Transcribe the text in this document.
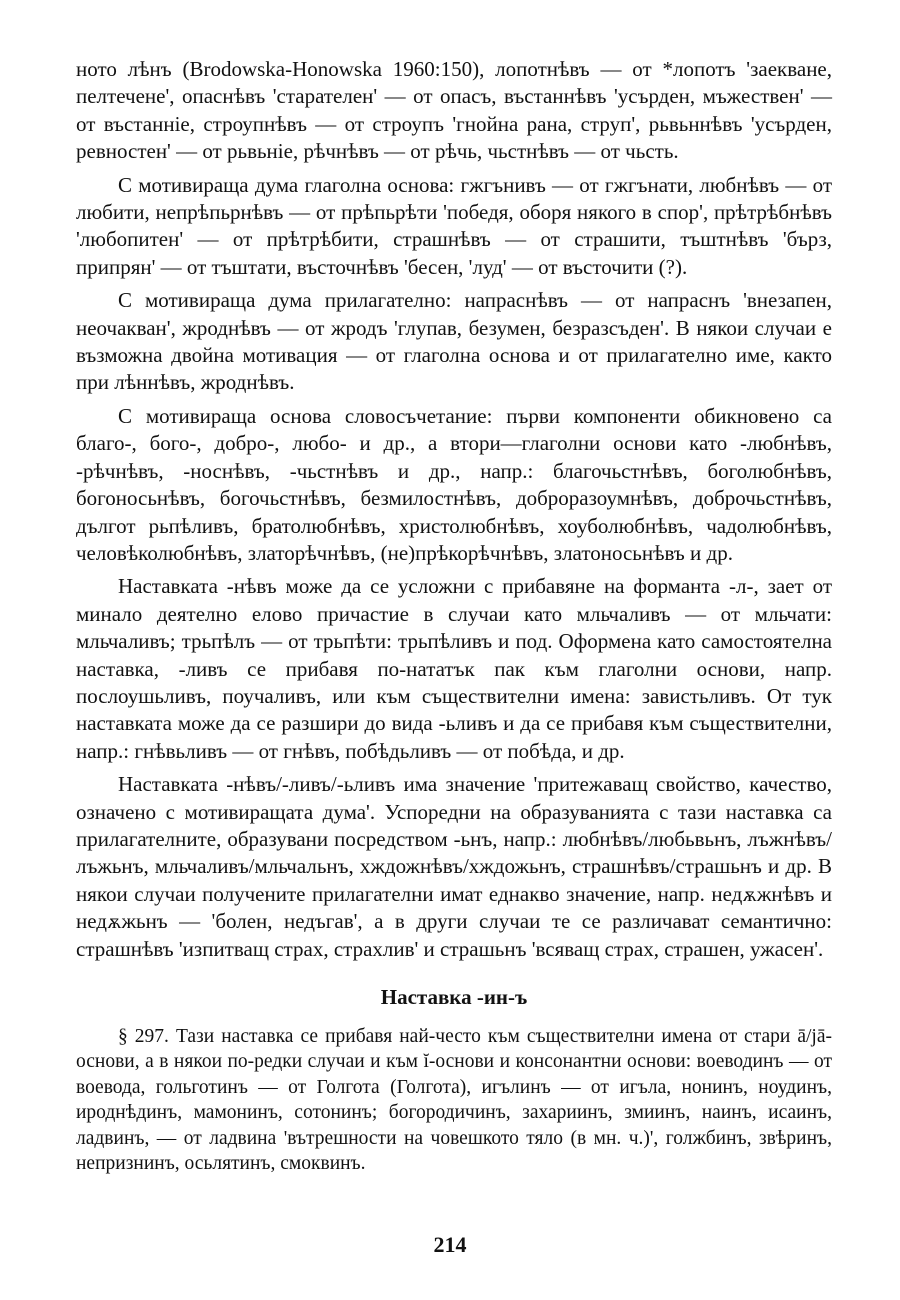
ното лѣнъ (Brodowska-Honowska 1960:150), лопотнѣвъ — от *лопотъ 'заекване, пелтечене', опаснѣвъ 'старателен' — от опасъ, въстаннѣвъ 'усърден, мъжествен' — от въстанніе, строупнѣвъ — от строупъ 'гнойна рана, струп', рьвьннѣвъ 'усърден, ревностен' — от рьвьніе, рѣчнѣвъ — от рѣчь, чьстнѣвъ — от чьсть.

С мотивираща дума глаголна основа: гжгънивъ — от гжгънати, любнѣвъ — от любити, непрѣпьрнѣвъ — от прѣпьрѣти 'победя, оборя някого в спор', прѣтрѣбнѣвъ 'любопитен' — от прѣтрѣбити, страшнѣвъ — от страшити, тъштнѣвъ 'бърз, припрян' — от тъштати, въсточнѣвъ 'бесен, 'луд' — от въсточити (?).

С мотивираща дума прилагателно: напраснѣвъ — от напраснъ 'внезапен, неочакван', жроднѣвъ — от жродъ 'глупав, безумен, безразсъден'. В някои случаи е възможна двойна мотивация — от глаголна основа и от прилагателно име, както при лѣннѣвъ, жроднѣвъ.

С мотивираща основа словосъчетание: първи компоненти обикновено са благо-, бого-, добро-, любо- и др., а втори—глаголни основи като -любнѣвъ, -рѣчнѣвъ, -носнѣвъ, -чьстнѣвъ и др., напр.: благочьстнѣвъ, боголюбнѣвъ, богоносьнѣвъ, богочьстнѣвъ, безмилостнѣвъ, доброразоумнѣвъ, доброчьстнѣвъ, дългот рьпѣливъ, братолюбнѣвъ, христолюбнѣвъ, хоуболюбнѣвъ, чадолюбнѣвъ, человѣколюбнѣвъ, златорѣчнѣвъ, (не)прѣкорѣчнѣвъ, златоносьнѣвъ и др.

Наставката -нѣвъ може да се усложни с прибавяне на форманта -л-, зает от минало деятелно елово причастие в случаи като мльчаливъ — от мльчати: мльчаливъ; трьпѣлъ — от трьпѣти: трьпѣливъ и под. Оформена като самостоятелна наставка, -ливъ се прибавя по-нататък пак към глаголни основи, напр. послоушьливъ, поучаливъ, или към съществителни имена: завистьливъ. От тук наставката може да се разшири до вида -ьливъ и да се прибавя към съществителни, напр.: гнѣвьливъ — от гнѣвъ, побѣдьливъ — от побѣда, и др.

Наставката -нѣвъ/-ливъ/-ьливъ има значение 'притежаващ свойство, качество, означено с мотивиращата дума'. Успоредни на образуванията с тази наставка са прилагателните, образувани посредством -ьнъ, напр.: любнѣвъ/любьвьнъ, лъжнѣвъ/лъжьнъ, мльчаливъ/мльчальнъ, хждожнѣвъ/хждожьнъ, страшнѣвъ/страшьнъ и др. В някои случаи получените прилагателни имат еднакво значение, напр. недѫжнѣвъ и недѫжьнъ — 'болен, недъгав', а в други случаи те се различават семантично: страшнѣвъ 'изпитващ страх, страхлив' и страшьнъ 'всяващ страх, страшен, ужасен'.

Наставка -ин-ъ

§ 297. Тази наставка се прибавя най-често към съществителни имена от стари ā/jā-основи, а в някои по-редки случаи и към ĭ-основи и консонантни основи: воеводинъ — от воевода, гольготинъ — от Голгота (Голгота), игълинъ — от игъла, нонинъ, ноудинъ, ироднѣдинъ, мамонинъ, сотонинъ; богородичинъ, захариинъ, змиинъ, наинъ, исаинъ, ладвинъ, — от ладвина 'вътрешности на човешкото тяло (в мн. ч.)', голжбинъ, звѣринъ, непризнинъ, осьлятинъ, смоквинъ.

214
